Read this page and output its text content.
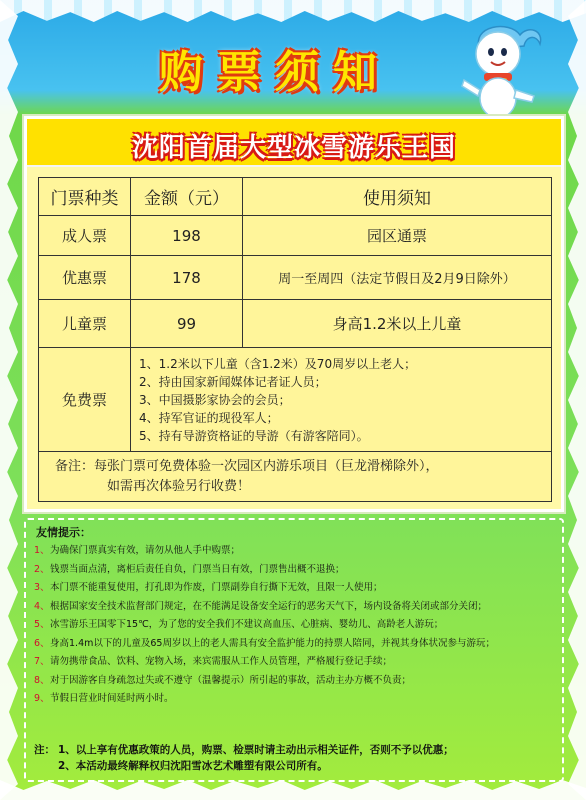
购票须知
沈阳首届大型冰雪游乐王国
门票种类	金额（元）	使用须知
成人票	198	园区通票
优惠票	178	周一至周四（法定节假日及2月9日除外）
儿童票	99	身高1.2米以上儿童
免费票	1、1.2米以下儿童（含1.2米）及70周岁以上老人；
2、持由国家新闻媒体记者证人员；
3、中国摄影家协会的会员；
4、持军官证的现役军人；
5、持有导游资格证的导游（有游客陪同）。	

备注：每张门票可免费体验一次园区内游乐项目（巨龙滑梯除外），
如需再次体验另行收费！		
友情提示：
1、 为确保门票真实有效，请勿从他人手中购票；
2、 钱票当面点清，离柜后责任自负，门票当日有效，门票售出概不退换；
3、 本门票不能重复使用，打孔即为作废，门票副券自行撕下无效，且限一人使用；
4、 根据国家安全技术监督部门规定，在不能满足设备安全运行的恶劣天气下，场内设备将关闭或部分关闭；
5、 冰雪游乐王国零下15℃，为了您的安全我们不建议高血压、心脏病、婴幼儿、高龄老人游玩；
6、 身高1.4m以下的儿童及65周岁以上的老人需具有安全监护能力的持票人陪同，并视其身体状况参与游玩；
7、 请勿携带食品、饮料、宠物入场，来宾需服从工作人员管理，严格履行登记手续；
8、 对于因游客自身疏忽过失或不遵守（温馨提示）所引起的事故，活动主办方概不负责；
9、 节假日营业时间延时两小时。
注： 1、以上享有优惠政策的人员，购票、检票时请主动出示相关证件，否则不予以优惠；
2、本活动最终解释权归沈阳雪冰艺术雕塑有限公司所有。
